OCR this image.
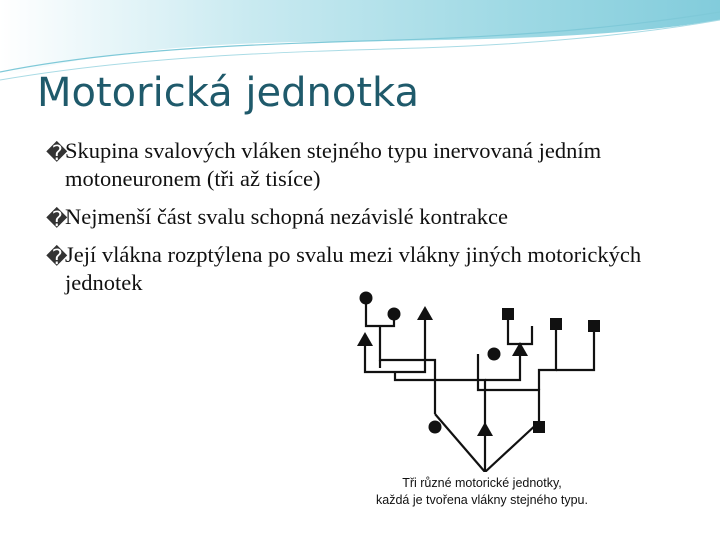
Motorická jednotka
�
Skupina svalových vláken stejného typu inervovaná jedním motoneuronem (tři až tisíce)
�
Nejmenší část svalu schopná nezávislé kontrakce
�
Její vlákna rozptýlena po svalu mezi vlákny jiných motorických jednotek
Tři různé motorické jednotky,
každá je tvořena vlákny stejného typu.
